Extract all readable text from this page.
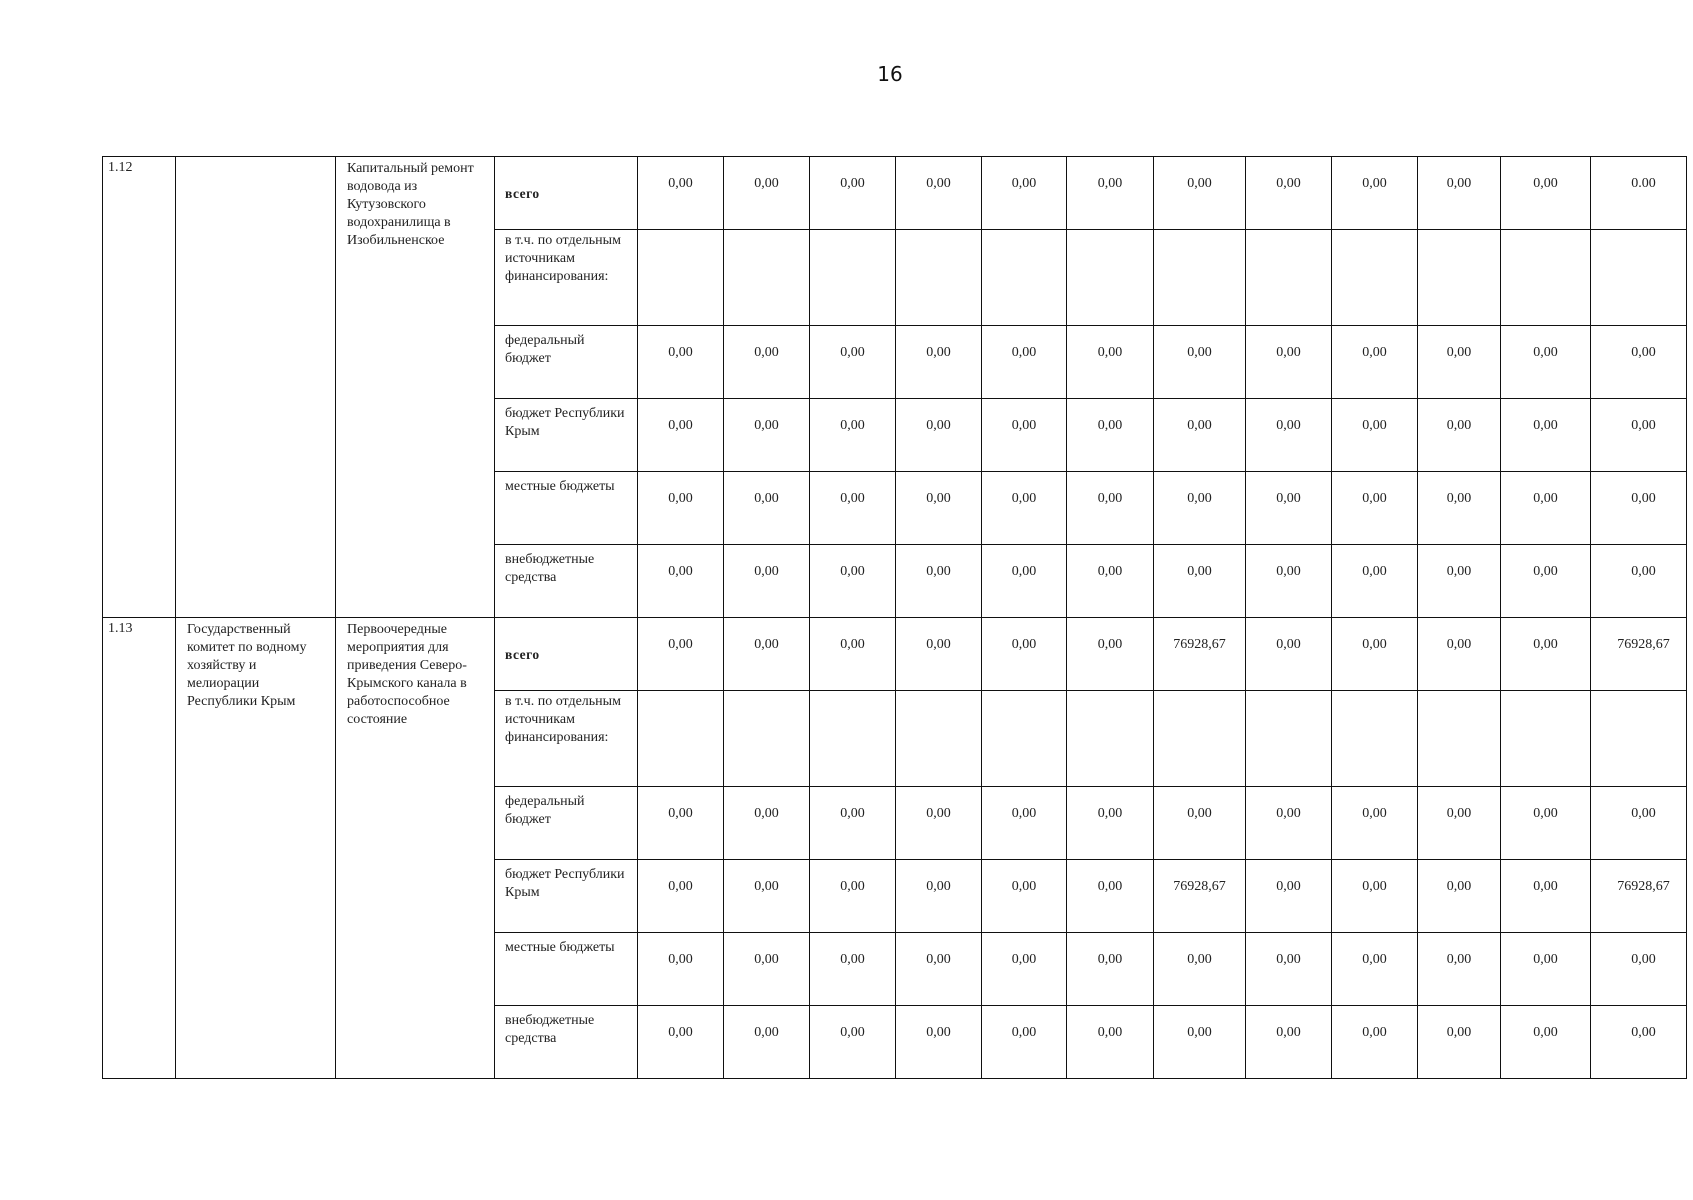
16
1.12		Капитальный ремонт водовода из Кутузовского водохранилища в Изобильненское	всего	0,00	0,00	0,00	0,00	0,00	0,00	0,00	0,00	0,00	0,00	0,00	0.00
			в т.ч. по отдельным источникам финансирования:												
			федеральный бюджет	0,00	0,00	0,00	0,00	0,00	0,00	0,00	0,00	0,00	0,00	0,00	0,00
			бюджет Республики Крым	0,00	0,00	0,00	0,00	0,00	0,00	0,00	0,00	0,00	0,00	0,00	0,00
			местные бюджеты	0,00	0,00	0,00	0,00	0,00	0,00	0,00	0,00	0,00	0,00	0,00	0,00
			внебюджетные средства	0,00	0,00	0,00	0,00	0,00	0,00	0,00	0,00	0,00	0,00	0,00	0,00
1.13	Государственный комитет по водному хозяйству и мелиорации Республики Крым	Первоочередные мероприятия для приведения Северо-Крымского канала в работоспособное состояние	всего	0,00	0,00	0,00	0,00	0,00	0,00	76928,67	0,00	0,00	0,00	0,00	76928,67
			в т.ч. по отдельным источникам финансирования:												
			федеральный бюджет	0,00	0,00	0,00	0,00	0,00	0,00	0,00	0,00	0,00	0,00	0,00	0,00
			бюджет Республики Крым	0,00	0,00	0,00	0,00	0,00	0,00	76928,67	0,00	0,00	0,00	0,00	76928,67
			местные бюджеты	0,00	0,00	0,00	0,00	0,00	0,00	0,00	0,00	0,00	0,00	0,00	0,00
			внебюджетные средства	0,00	0,00	0,00	0,00	0,00	0,00	0,00	0,00	0,00	0,00	0,00	0,00
